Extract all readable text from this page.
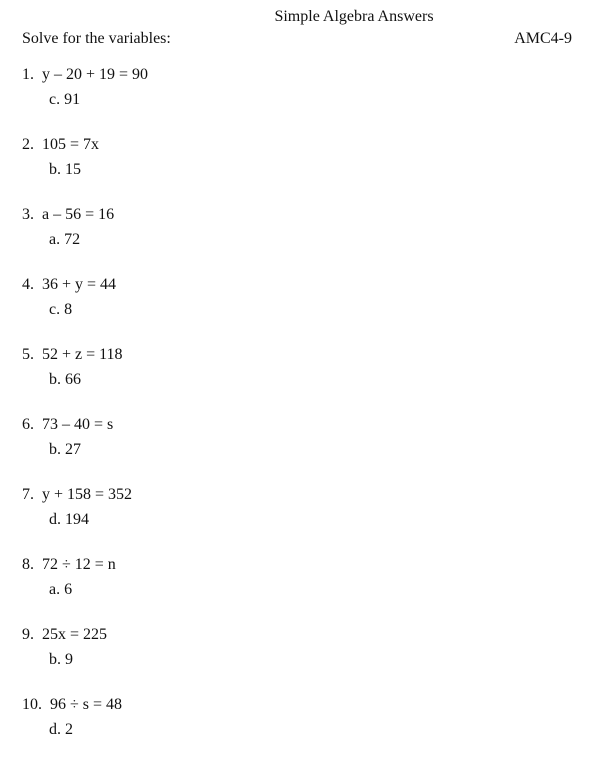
Simple Algebra Answers
Solve for the variables:	AMC4-9
1. y – 20 + 19 = 90
c. 91
2. 105 = 7x
b. 15
3. a – 56 = 16
a. 72
4. 36 + y = 44
c. 8
5. 52 + z = 118
b. 66
6. 73 – 40 = s
b. 27
7. y + 158 = 352
d. 194
8. 72 ÷ 12 = n
a. 6
9. 25x = 225
b. 9
10. 96 ÷ s = 48
d. 2
